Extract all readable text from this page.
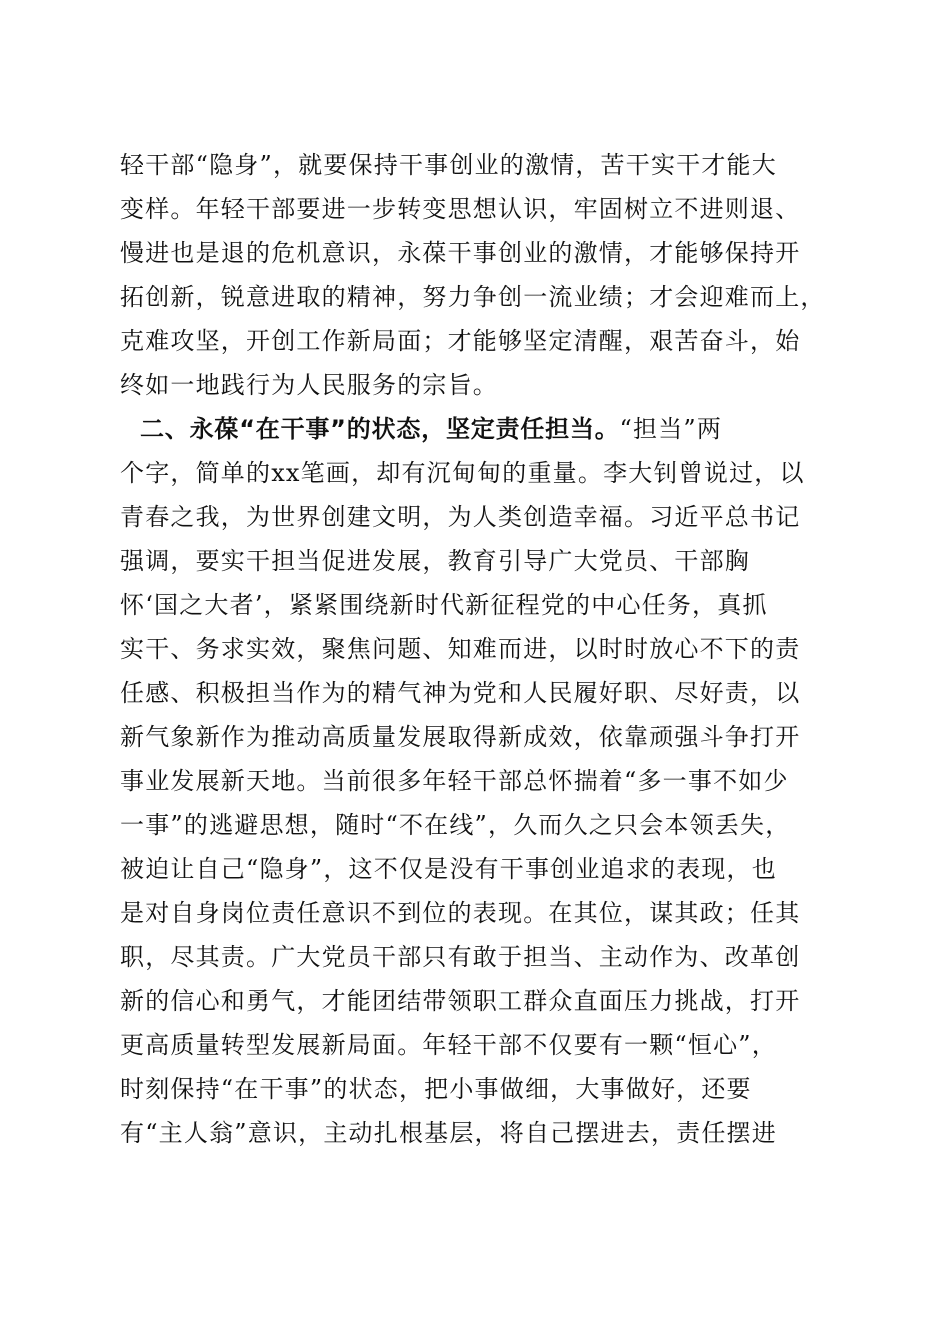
轻干部“隐身”，就要保持干事创业的激情，苦干实干才能大
变样。年轻干部要进一步转变思想认识，牢固树立不进则退、
慢进也是退的危机意识，永葆干事创业的激情，才能够保持开
拓创新，锐意进取的精神，努力争创一流业绩；才会迎难而上，
克难攻坚，开创工作新局面；才能够坚定清醒，艰苦奋斗，始
终如一地践行为人民服务的宗旨。
二、永葆“在干事”的状态，坚定责任担当。“担当”两
个字，简单的xx笔画，却有沉甸甸的重量。李大钊曾说过，以
青春之我，为世界创建文明，为人类创造幸福。习近平总书记
强调，要实干担当促进发展，教育引导广大党员、干部胸
怀‘国之大者’，紧紧围绕新时代新征程党的中心任务，真抓
实干、务求实效，聚焦问题、知难而进，以时时放心不下的责
任感、积极担当作为的精气神为党和人民履好职、尽好责，以
新气象新作为推动高质量发展取得新成效，依靠顽强斗争打开
事业发展新天地。当前很多年轻干部总怀揣着“多一事不如少
一事”的逃避思想，随时“不在线”，久而久之只会本领丢失，
被迫让自己“隐身”，这不仅是没有干事创业追求的表现，也
是对自身岗位责任意识不到位的表现。在其位，谋其政；任其
职，尽其责。广大党员干部只有敢于担当、主动作为、改革创
新的信心和勇气，才能团结带领职工群众直面压力挑战，打开
更高质量转型发展新局面。年轻干部不仅要有一颗“恒心”，
时刻保持“在干事”的状态，把小事做细，大事做好，还要
有“主人翁”意识，主动扎根基层，将自己摆进去，责任摆进
